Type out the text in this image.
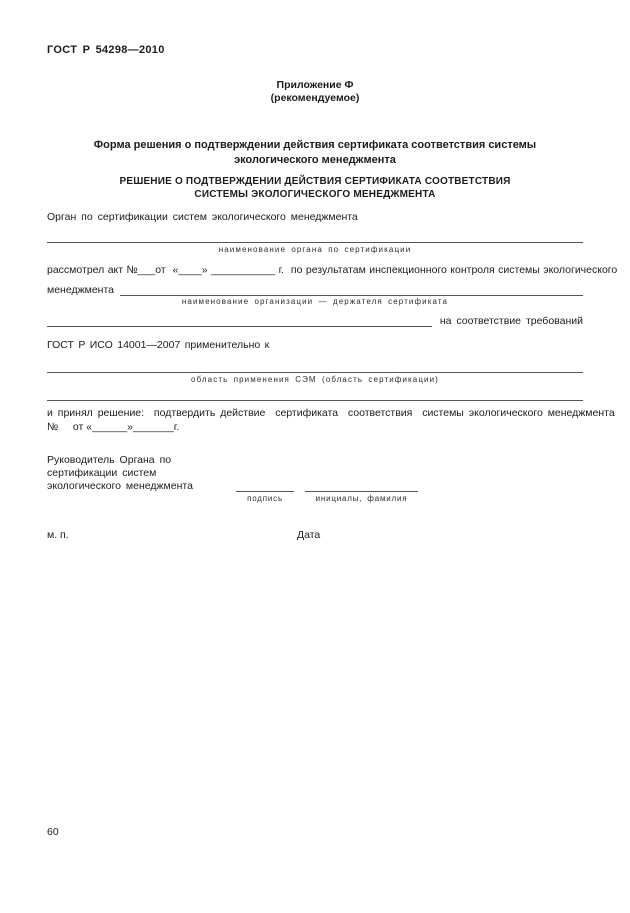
ГОСТ Р 54298—2010
Приложение Ф
(рекомендуемое)
Форма решения о подтверждении действия сертификата соответствия системы
экологического менеджмента
РЕШЕНИЕ О ПОДТВЕРЖДЕНИИ ДЕЙСТВИЯ СЕРТИФИКАТА СООТВЕТСТВИЯ
СИСТЕМЫ ЭКОЛОГИЧЕСКОГО МЕНЕДЖМЕНТА
Орган по сертификации систем экологического менеджмента
наименование органа по сертификации
рассмотрел акт №___от  «____» ___________ г.  по результатам инспекционного контроля системы экологического
менеджмента
наименование организации — держателя сертификата
на соответствие требований
ГОСТ Р ИСО 14001—2007 применительно к
область применения СЭМ (область сертификации)
и принял решение:  подтвердить действие  сертификата  соответствия  системы экологического менеджмента
№     от «______»_______г.
Руководитель Органа по
сертификации систем
экологического менеджмента
подпись	инициалы, фамилия
м. п.	Дата
60
